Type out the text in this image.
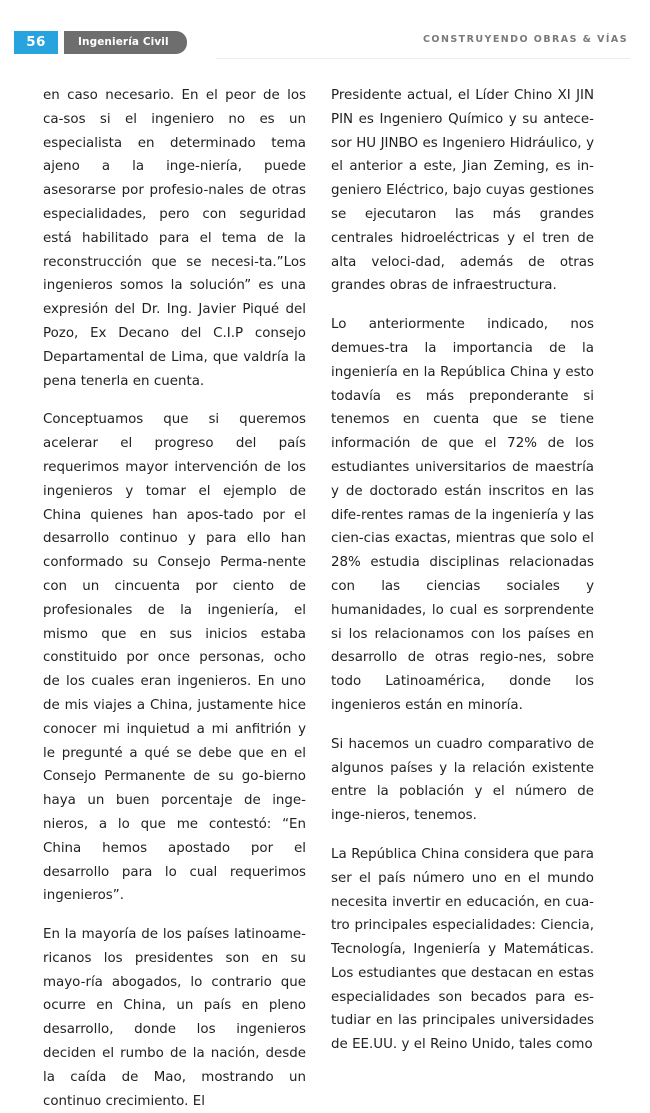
56	Ingeniería Civil	CONSTRUYENDO OBRAS & VÍAS

en caso necesario. En el peor de los ca-sos si el ingeniero no es un especialista en determinado tema ajeno a la inge-niería, puede asesorarse por profesio-nales de otras especialidades, pero con seguridad está habilitado para el tema de la reconstrucción que se necesi-ta.”Los ingenieros somos la solución” es una expresión del Dr. Ing. Javier Piqué del Pozo, Ex Decano del C.I.P consejo Departamental de Lima, que valdría la pena tenerla en cuenta.

Conceptuamos que si queremos acelerar el progreso del país requerimos mayor intervención de los ingenieros y tomar el ejemplo de China quienes han apos-tado por el desarrollo continuo y para ello han conformado su Consejo Perma-nente con un cincuenta por ciento de profesionales de la ingeniería, el mismo que en sus inicios estaba constituido por once personas, ocho de los cuales eran ingenieros. En uno de mis viajes a China, justamente hice conocer mi inquietud a mi anfitrión y le pregunté a qué se debe que en el Consejo Permanente de su go-bierno haya un buen porcentaje de inge-nieros, a lo que me contestó: “En China hemos apostado por el desarrollo para lo cual requerimos ingenieros”.

En la mayoría de los países latinoame-ricanos los presidentes son en su mayo-ría abogados, lo contrario que ocurre en China, un país en pleno desarrollo, donde los ingenieros deciden el rumbo de la nación, desde la caída de Mao, mostrando un continuo crecimiento. El

Presidente actual, el Líder Chino XI JIN PIN es Ingeniero Químico y su antece-sor HU JINBO es Ingeniero Hidráulico, y el anterior a este, Jian Zeming, es in-geniero Eléctrico, bajo cuyas gestiones se ejecutaron las más grandes centrales hidroeléctricas y el tren de alta veloci-dad, además de otras grandes obras de infraestructura.

Lo anteriormente indicado, nos demues-tra la importancia de la ingeniería en la República China y esto todavía es más preponderante si tenemos en cuenta que se tiene información de que el 72% de los estudiantes universitarios de maestría y de doctorado están inscritos en las dife-rentes ramas de la ingeniería y las cien-cias exactas, mientras que solo el 28% estudia disciplinas relacionadas con las ciencias sociales y humanidades, lo cual es sorprendente si los relacionamos con los países en desarrollo de otras regio-nes, sobre todo Latinoamérica, donde los ingenieros están en minoría.

Si hacemos un cuadro comparativo de algunos países y la relación existente entre la población y el número de inge-nieros, tenemos.

La República China considera que para ser el país número uno en el mundo necesita invertir en educación, en cua-tro principales especialidades: Ciencia, Tecnología, Ingeniería y Matemáticas. Los estudiantes que destacan en estas especialidades son becados para es-tudiar en las principales universidades de EE.UU. y el Reino Unido, tales como
